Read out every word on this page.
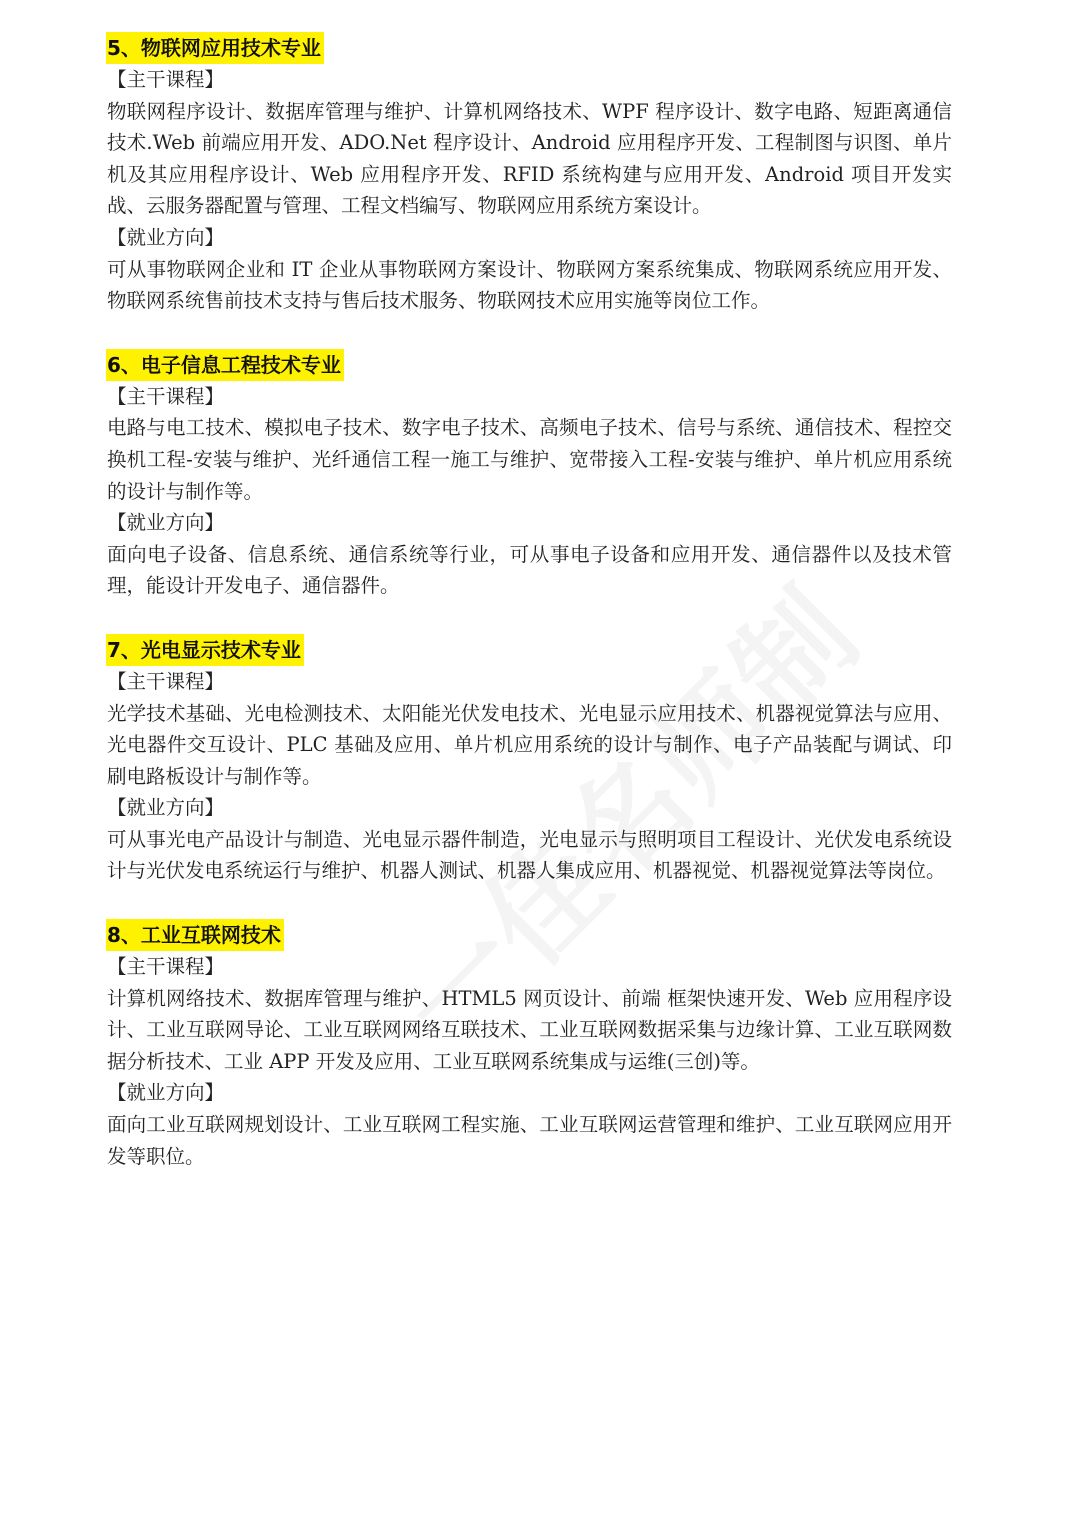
5、物联网应用技术专业
【主干课程】
物联网程序设计、数据库管理与维护、计算机网络技术、WPF 程序设计、数字电路、短距离通信技术.Web 前端应用开发、ADO.Net 程序设计、Android 应用程序开发、工程制图与识图、单片机及其应用程序设计、Web 应用程序开发、RFID 系统构建与应用开发、Android 项目开发实战、云服务器配置与管理、工程文档编写、物联网应用系统方案设计。
【就业方向】
可从事物联网企业和 IT 企业从事物联网方案设计、物联网方案系统集成、物联网系统应用开发、物联网系统售前技术支持与售后技术服务、物联网技术应用实施等岗位工作。
6、电子信息工程技术专业
【主干课程】
电路与电工技术、模拟电子技术、数字电子技术、高频电子技术、信号与系统、通信技术、程控交换机工程-安装与维护、光纤通信工程一施工与维护、宽带接入工程-安装与维护、单片机应用系统的设计与制作等。
【就业方向】
面向电子设备、信息系统、通信系统等行业，可从事电子设备和应用开发、通信器件以及技术管理，能设计开发电子、通信器件。
7、光电显示技术专业
【主干课程】
光学技术基础、光电检测技术、太阳能光伏发电技术、光电显示应用技术、机器视觉算法与应用、光电器件交互设计、PLC 基础及应用、单片机应用系统的设计与制作、电子产品装配与调试、印刷电路板设计与制作等。
【就业方向】
可从事光电产品设计与制造、光电显示器件制造，光电显示与照明项目工程设计、光伏发电系统设计与光伏发电系统运行与维护、机器人测试、机器人集成应用、机器视觉、机器视觉算法等岗位。
8、工业互联网技术
【主干课程】
计算机网络技术、数据库管理与维护、HTML5 网页设计、前端 框架快速开发、Web 应用程序设计、工业互联网导论、工业互联网网络互联技术、工业互联网数据采集与边缘计算、工业互联网数据分析技术、工业 APP 开发及应用、工业互联网系统集成与运维(三创)等。
【就业方向】
面向工业互联网规划设计、工业互联网工程实施、工业互联网运营管理和维护、工业互联网应用开发等职位。
